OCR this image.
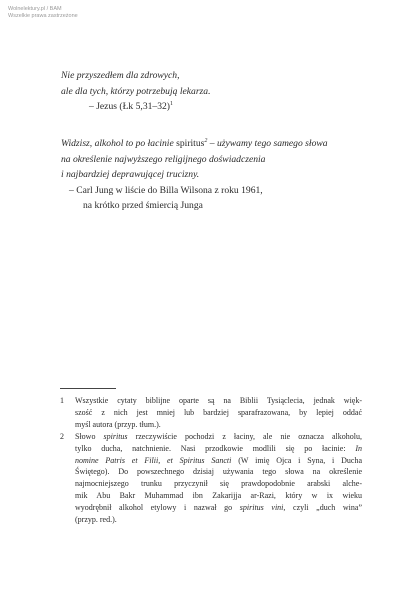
Wolnelektury.pl / BAM
Wszelkie prawa zastrzeżone
Nie przyszedłem dla zdrowych,
ale dla tych, którzy potrzebują lekarza.
– Jezus (Łk 5,31–32)$^1$
Widzisz, alkohol to po łacinie spiritus$^2$ – używamy tego samego słowa
na określenie najwyższego religijnego doświadczenia
i najbardziej deprawującej trucizny.
– Carl Jung w liście do Billa Wilsona z roku 1961,
na krótko przed śmiercią Junga
1 Wszystkie cytaty biblijne oparte są na Biblii Tysiąclecia, jednak więk-
szość z nich jest mniej lub bardziej sparafrazowana, by lepiej oddać
myśl autora (przyp. tłum.).
2 Słowo spiritus rzeczywiście pochodzi z łaciny, ale nie oznacza alkoholu,
tylko ducha, natchnienie. Nasi przodkowie modlili się po łacinie: In
nomine Patris et Filii, et Spiritus Sancti (W imię Ojca i Syna, i Ducha
Świętego). Do powszechnego dzisiaj używania tego słowa na określenie
najmocniejszego trunku przyczynił się prawdopodobnie arabski alche-
mik Abu Bakr Muhammad ibn Zakarijja ar-Razi, który w ix wieku
wyodrębnił alkohol etylowy i nazwał go spiritus vini, czyli „duch wina”
(przyp. red.).
